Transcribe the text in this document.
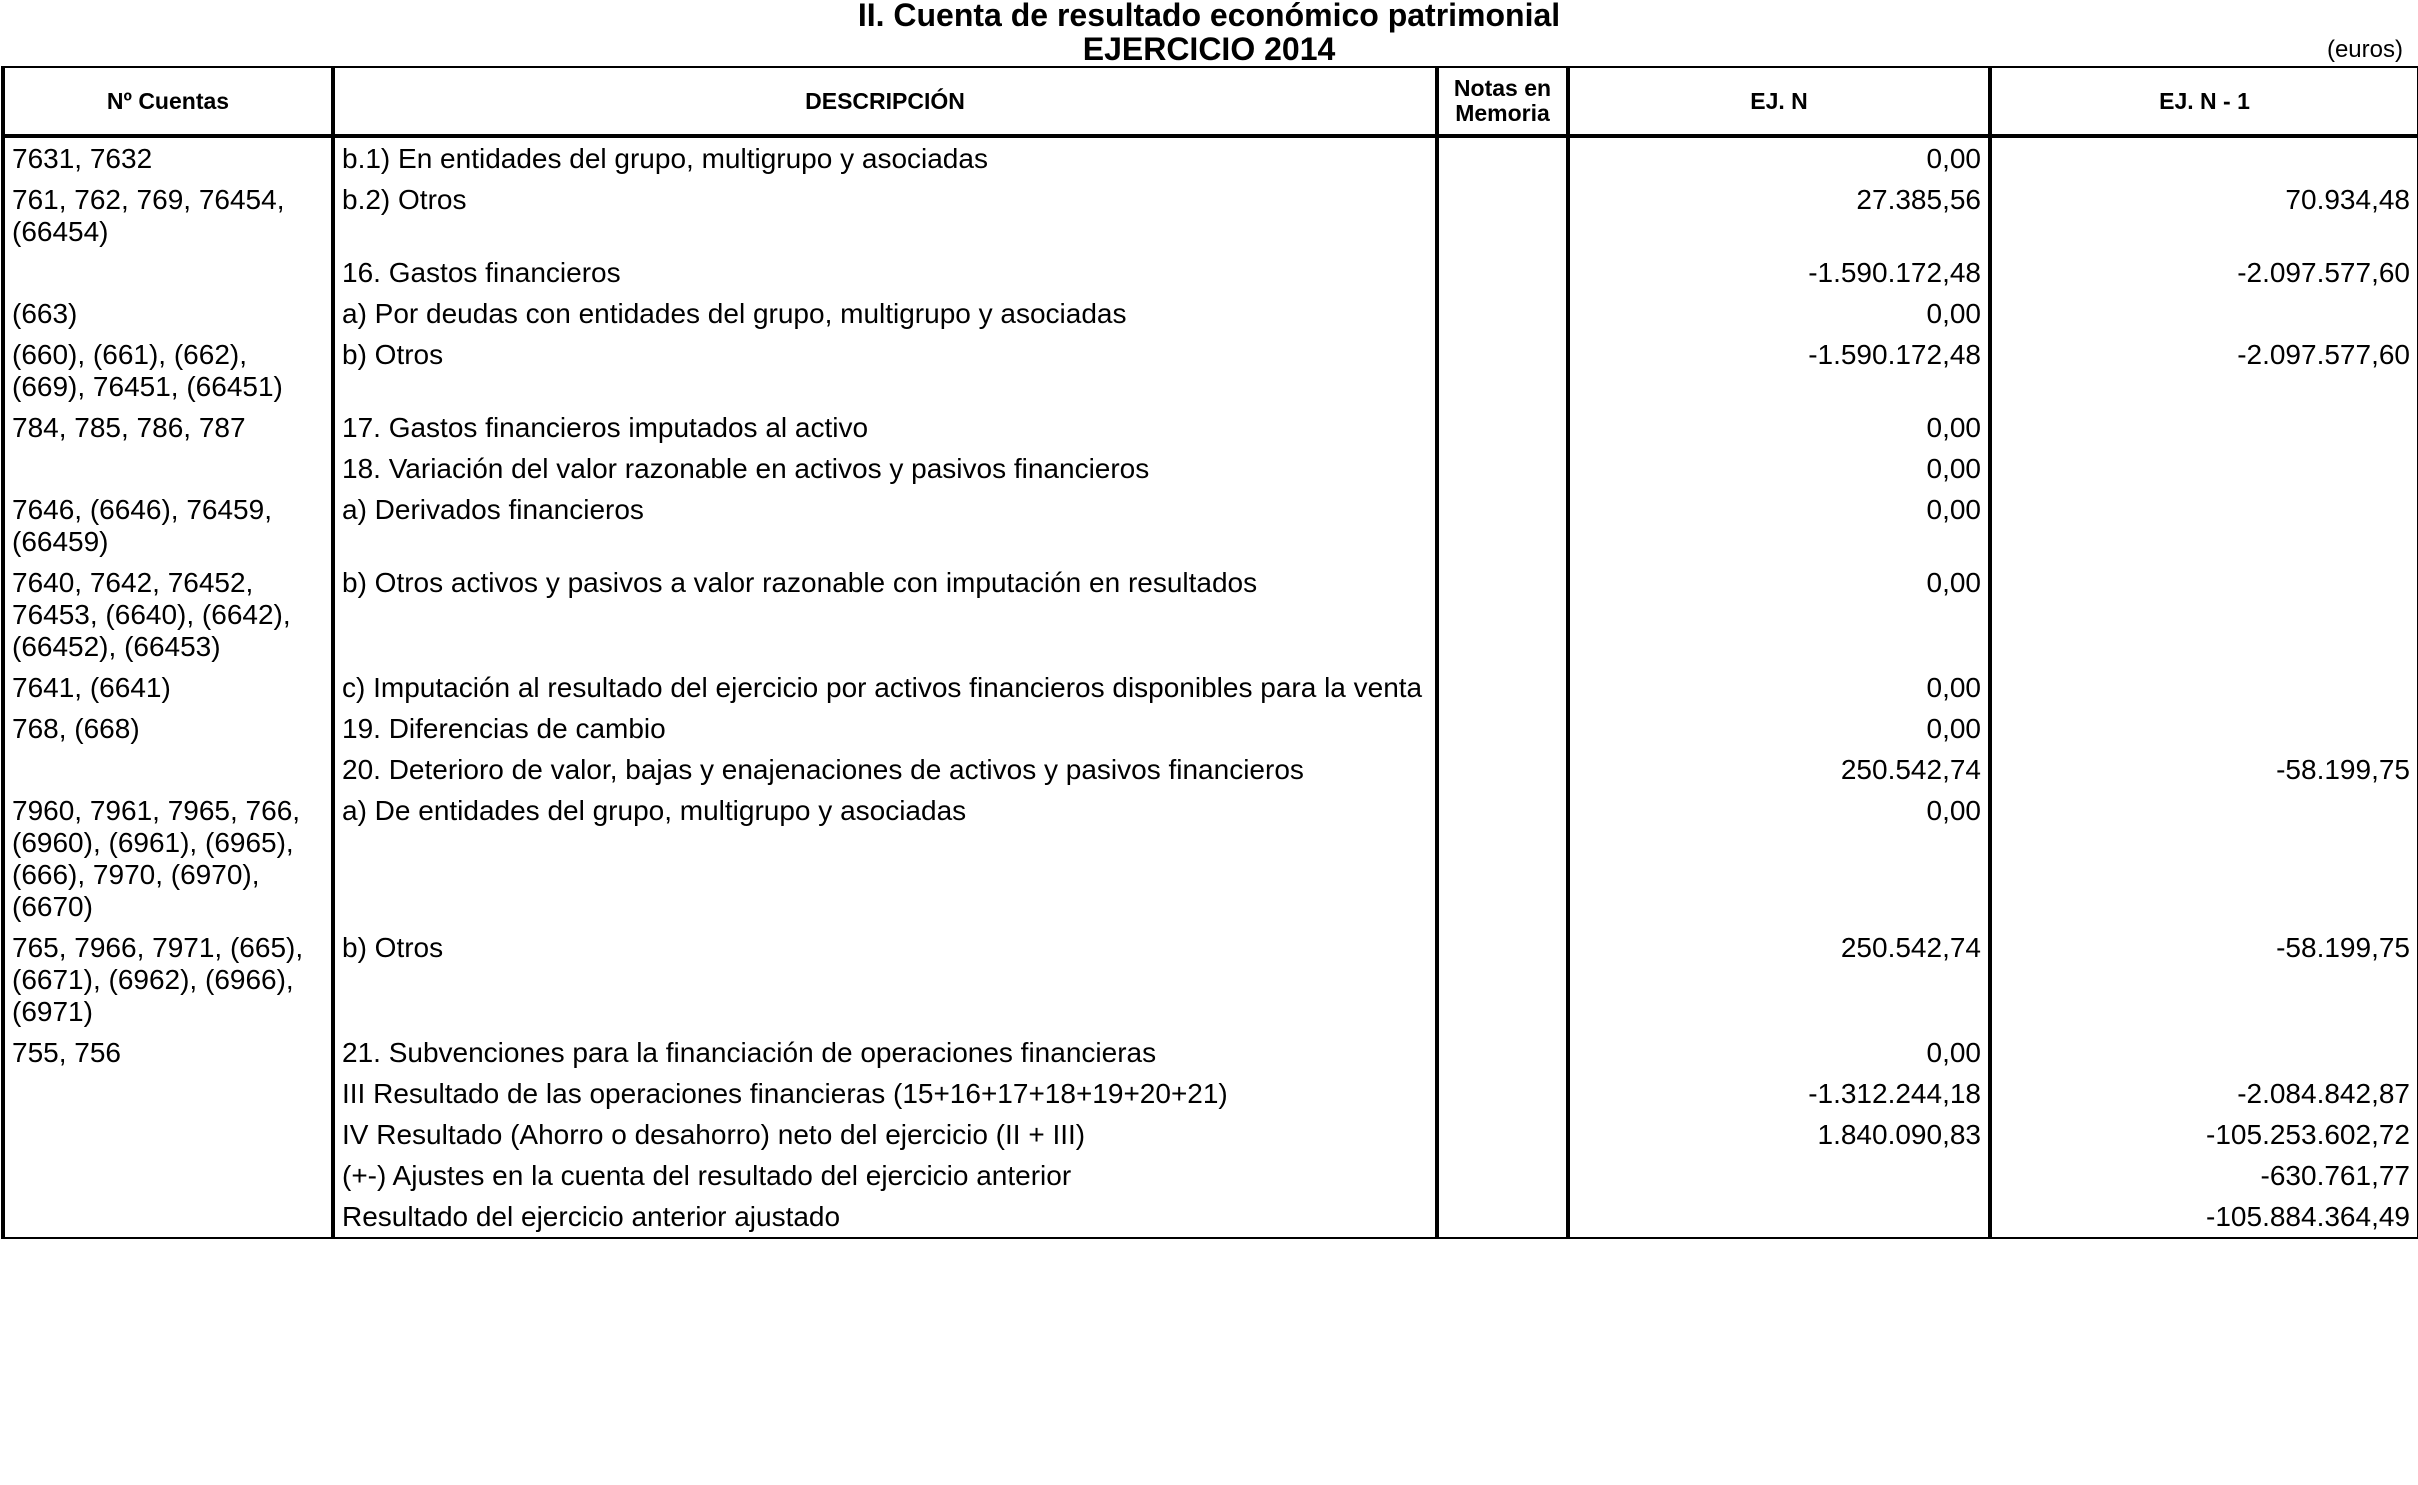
II. Cuenta de resultado económico patrimonial
EJERCICIO 2014	(euros)
Nº Cuentas	DESCRIPCIÓN	Notas en Memoria	EJ. N	EJ. N - 1
7631, 7632	b.1) En entidades del grupo, multigrupo y asociadas		0,00	
761, 762, 769, 76454, (66454)	b.2) Otros		27.385,56	70.934,48
	16. Gastos financieros		-1.590.172,48	-2.097.577,60
(663)	a) Por deudas con entidades del grupo, multigrupo y asociadas		0,00	
(660), (661), (662), (669), 76451, (66451)	b) Otros		-1.590.172,48	-2.097.577,60
784, 785, 786, 787	17. Gastos financieros imputados al activo		0,00	
	18. Variación del valor razonable en activos y pasivos financieros		0,00	
7646, (6646), 76459, (66459)	a) Derivados financieros		0,00	
7640, 7642, 76452, 76453, (6640), (6642), (66452), (66453)	b) Otros activos y pasivos a valor razonable con imputación en resultados		0,00	
7641, (6641)	c) Imputación al resultado del ejercicio por activos financieros disponibles para la venta		0,00	
768, (668)	19. Diferencias de cambio		0,00	
	20. Deterioro de valor, bajas y enajenaciones de activos y pasivos financieros		250.542,74	-58.199,75
7960, 7961, 7965, 766, (6960), (6961), (6965), (666), 7970, (6970), (6670)	a) De entidades del grupo, multigrupo y asociadas		0,00	
765, 7966, 7971, (665), (6671), (6962), (6966), (6971)	b) Otros		250.542,74	-58.199,75
755, 756	21. Subvenciones para la financiación de operaciones financieras		0,00	
	III Resultado de las operaciones financieras (15+16+17+18+19+20+21)		-1.312.244,18	-2.084.842,87
	IV Resultado (Ahorro o desahorro) neto del ejercicio (II + III)		1.840.090,83	-105.253.602,72
	(+-) Ajustes en la cuenta del resultado del ejercicio anterior			-630.761,77
	Resultado del ejercicio anterior ajustado			-105.884.364,49
